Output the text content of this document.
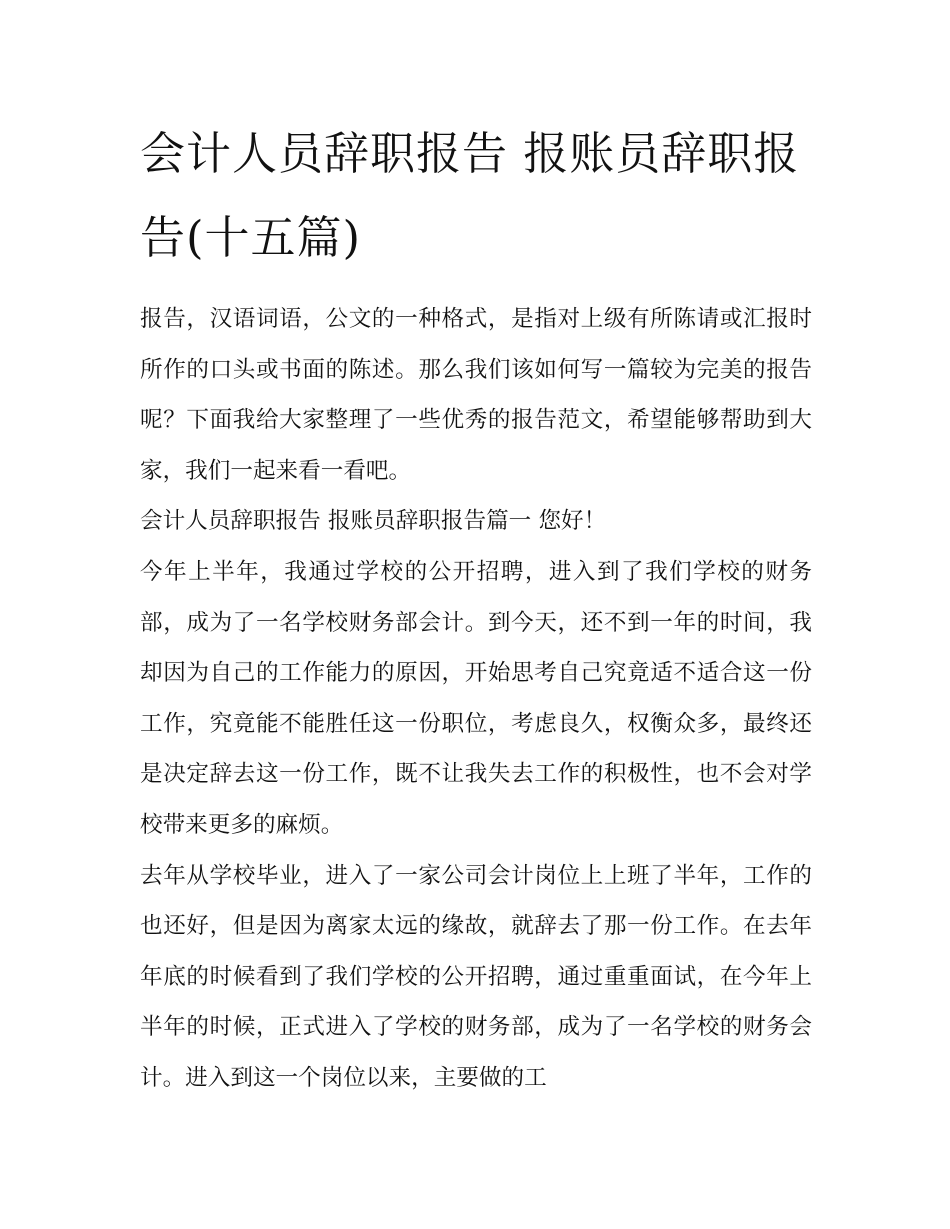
会计人员辞职报告 报账员辞职报告(十五篇)

报告，汉语词语，公文的一种格式，是指对上级有所陈请或汇报时所作的口头或书面的陈述。那么我们该如何写一篇较为完美的报告呢？下面我给大家整理了一些优秀的报告范文，希望能够帮助到大家，我们一起来看一看吧。

会计人员辞职报告 报账员辞职报告篇一 您好！

今年上半年，我通过学校的公开招聘，进入到了我们学校的财务部，成为了一名学校财务部会计。到今天，还不到一年的时间，我却因为自己的工作能力的原因，开始思考自己究竟适不适合这一份工作，究竟能不能胜任这一份职位，考虑良久，权衡众多，最终还是决定辞去这一份工作，既不让我失去工作的积极性，也不会对学校带来更多的麻烦。

去年从学校毕业，进入了一家公司会计岗位上上班了半年，工作的也还好，但是因为离家太远的缘故，就辞去了那一份工作。在去年年底的时候看到了我们学校的公开招聘，通过重重面试，在今年上半年的时候，正式进入了学校的财务部，成为了一名学校的财务会计。进入到这一个岗位以来，主要做的工
